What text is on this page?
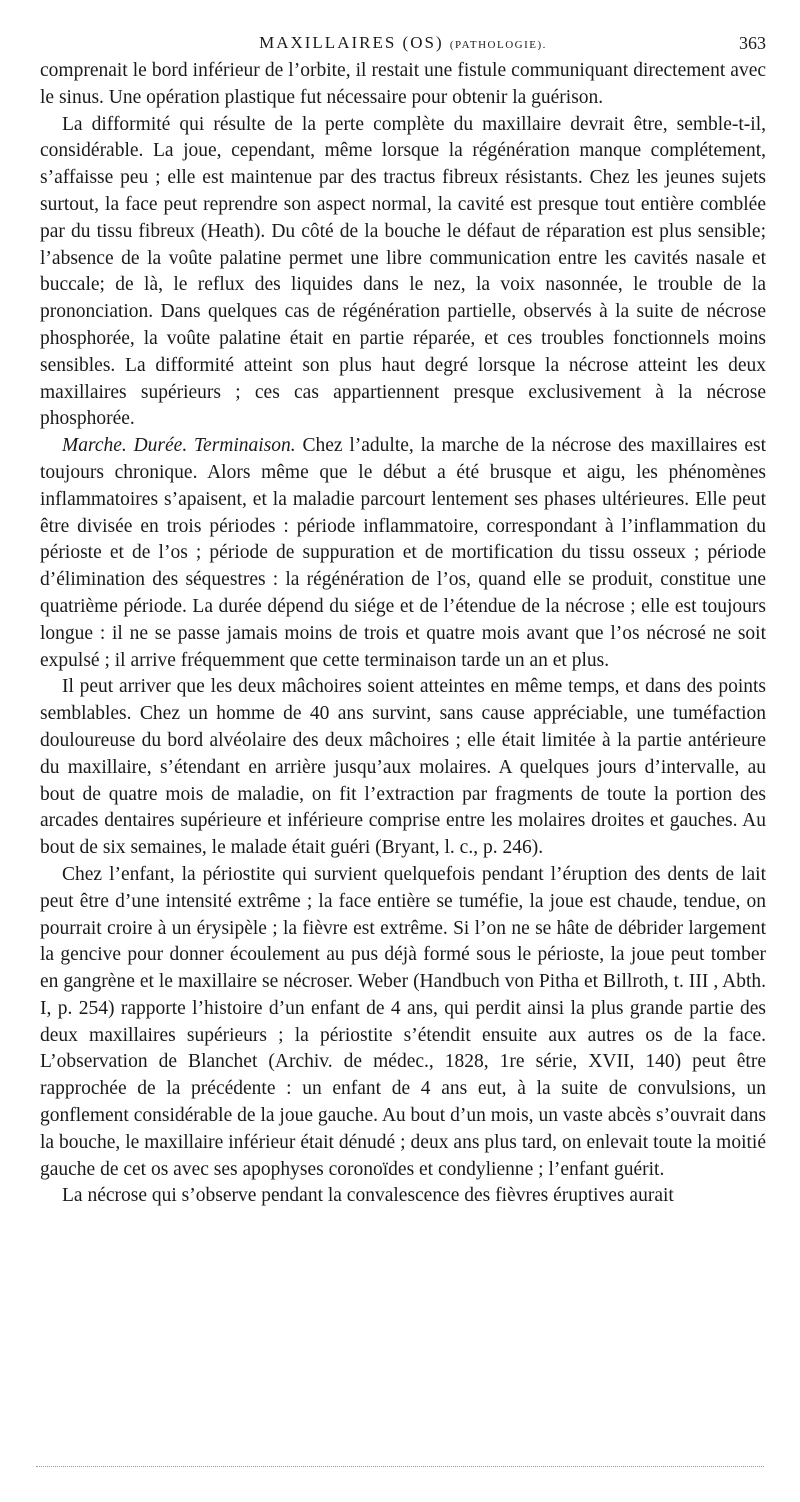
MAXILLAIRES (OS) (PATHOLOGIE).	363

comprenait le bord inférieur de l’orbite, il restait une fistule communiquant directement avec le sinus. Une opération plastique fut nécessaire pour obtenir la guérison.

La difformité qui résulte de la perte complète du maxillaire devrait être, semble-t-il, considérable. La joue, cependant, même lorsque la régénération manque complétement, s’affaisse peu ; elle est maintenue par des tractus fibreux résistants. Chez les jeunes sujets surtout, la face peut reprendre son aspect normal, la cavité est presque tout entière comblée par du tissu fibreux (Heath). Du côté de la bouche le défaut de réparation est plus sensible; l’absence de la voûte palatine permet une libre communication entre les cavités nasale et buccale; de là, le reflux des liquides dans le nez, la voix nasonnée, le trouble de la prononciation. Dans quelques cas de régénération partielle, observés à la suite de nécrose phosphorée, la voûte palatine était en partie réparée, et ces troubles fonctionnels moins sensibles. La difformité atteint son plus haut degré lorsque la nécrose atteint les deux maxillaires supérieurs ; ces cas appartiennent presque exclusivement à la nécrose phosphorée.

Marche. Durée. Terminaison. Chez l’adulte, la marche de la nécrose des maxillaires est toujours chronique. Alors même que le début a été brusque et aigu, les phénomènes inflammatoires s’apaisent, et la maladie parcourt lentement ses phases ultérieures. Elle peut être divisée en trois périodes : période inflammatoire, correspondant à l’inflammation du périoste et de l’os ; période de suppuration et de mortification du tissu osseux ; période d’élimination des séquestres : la régénération de l’os, quand elle se produit, constitue une quatrième période. La durée dépend du siége et de l’étendue de la nécrose ; elle est toujours longue : il ne se passe jamais moins de trois et quatre mois avant que l’os nécrosé ne soit expulsé ; il arrive fréquemment que cette terminaison tarde un an et plus.

Il peut arriver que les deux mâchoires soient atteintes en même temps, et dans des points semblables. Chez un homme de 40 ans survint, sans cause appréciable, une tuméfaction douloureuse du bord alvéolaire des deux mâchoires ; elle était limitée à la partie antérieure du maxillaire, s’étendant en arrière jusqu’aux molaires. A quelques jours d’intervalle, au bout de quatre mois de maladie, on fit l’extraction par fragments de toute la portion des arcades dentaires supérieure et inférieure comprise entre les molaires droites et gauches. Au bout de six semaines, le malade était guéri (Bryant, l. c., p. 246).

Chez l’enfant, la périostite qui survient quelquefois pendant l’éruption des dents de lait peut être d’une intensité extrême ; la face entière se tuméfie, la joue est chaude, tendue, on pourrait croire à un érysipèle ; la fièvre est extrême. Si l’on ne se hâte de débrider largement la gencive pour donner écoulement au pus déjà formé sous le périoste, la joue peut tomber en gangrène et le maxillaire se nécroser. Weber (Handbuch von Pitha et Billroth, t. III , Abth. I, p. 254) rapporte l’histoire d’un enfant de 4 ans, qui perdit ainsi la plus grande partie des deux maxillaires supérieurs ; la périostite s’étendit ensuite aux autres os de la face. L’observation de Blanchet (Archiv. de médec., 1828, 1re série, XVII, 140) peut être rapprochée de la précédente : un enfant de 4 ans eut, à la suite de convulsions, un gonflement considérable de la joue gauche. Au bout d’un mois, un vaste abcès s’ouvrait dans la bouche, le maxillaire inférieur était dénudé ; deux ans plus tard, on enlevait toute la moitié gauche de cet os avec ses apophyses coronoïdes et condylienne ; l’enfant guérit.

La nécrose qui s’observe pendant la convalescence des fièvres éruptives aurait
